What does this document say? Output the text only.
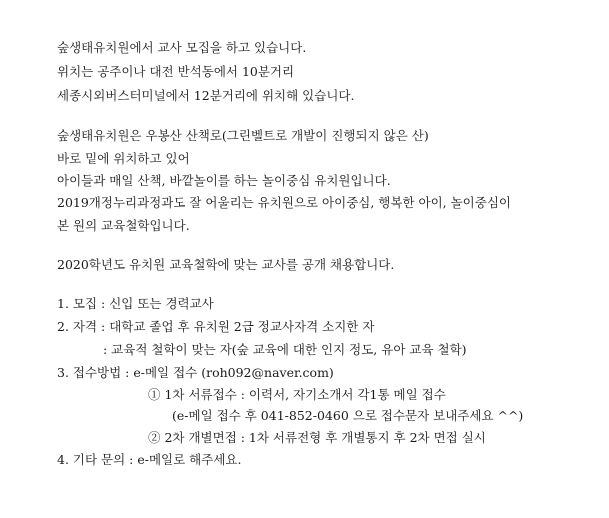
숲생태유치원에서 교사 모집을 하고 있습니다.
위치는 공주이나 대전 반석동에서 10분거리
세종시외버스터미널에서 12분거리에 위치해 있습니다.
숲생태유치원은 우봉산 산책로(그린벨트로 개발이 진행되지 않은 산)
바로 밑에 위치하고 있어
아이들과 매일 산책, 바깥놀이를 하는 놀이중심 유치원입니다.
2019개정누리과정과도 잘 어울리는 유치원으로 아이중심, 행복한 아이, 놀이중심이
본 원의 교육철학입니다.
2020학년도 유치원 교육철학에 맞는 교사를 공개 채용합니다.
1. 모집 : 신입 또는 경력교사
2. 자격 : 대학교 졸업 후 유치원 2급 정교사자격 소지한 자
: 교육적 철학이 맞는 자(숲 교육에 대한 인지 정도, 유아 교육 철학)
3. 접수방법 : e-메일 접수 (roh092@naver.com)
① 1차 서류접수 : 이력서, 자기소개서 각1통 메일 접수
(e-메일 접수 후 041-852-0460 으로 접수문자 보내주세요 ^^)
② 2차 개별면접 : 1차 서류전형 후 개별통지 후 2차 면접 실시
4. 기타 문의 : e-메일로 해주세요.
